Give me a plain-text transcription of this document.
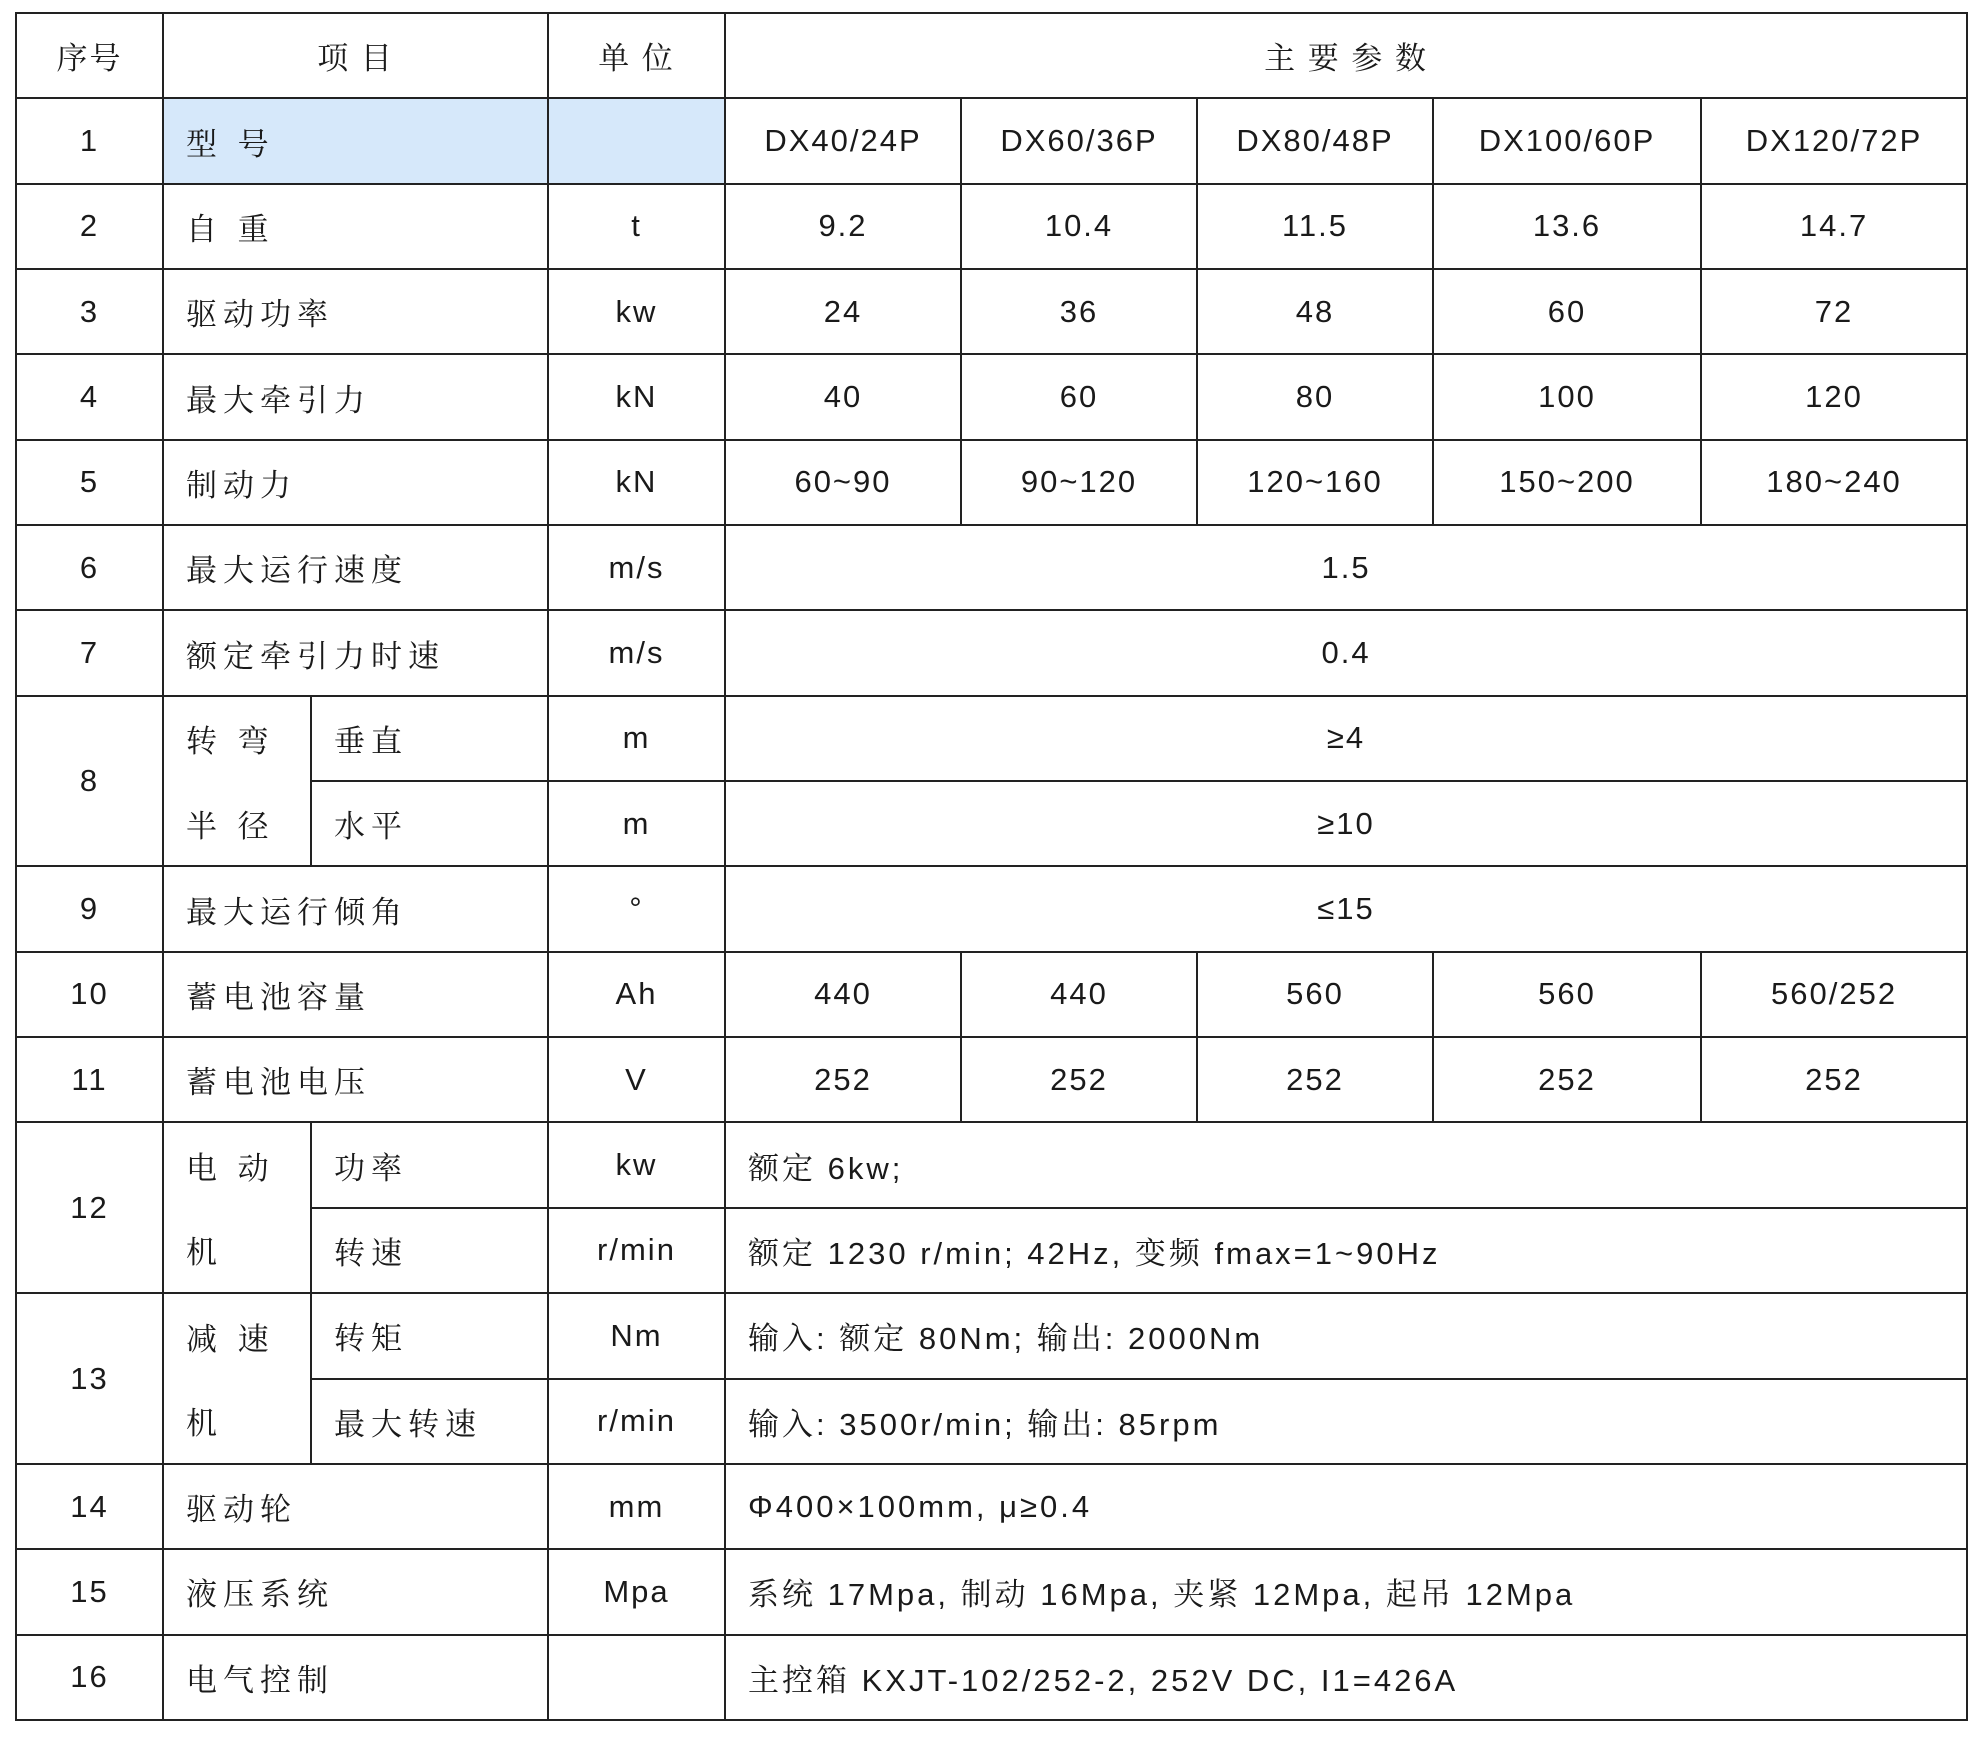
序号	项 目		单 位	主 要 参 数				
1	型 号			DX40/24P	DX60/36P	DX80/48P	DX100/60P	DX120/72P
2	自 重		t	9.2	10.4	11.5	13.6	14.7
3	驱动功率		kw	24	36	48	60	72
4	最大牵引力		kN	40	60	80	100	120
5	制动力		kN	60~90	90~120	120~160	150~200	180~240
6	最大运行速度		m/s	1.5				
7	额定牵引力时速		m/s	0.4				
8	转 弯	垂直	m	≥4				
	半 径	水平	m	≥10				
9	最大运行倾角		°	≤15				
10	蓄电池容量		Ah	440	440	560	560	560/252
11	蓄电池电压		V	252	252	252	252	252
12	电 动	功率	kw	额定 6kw;				
	机	转速	r/min	额定 1230 r/min; 42Hz, 变频 fmax=1~90Hz				
13	减 速	转矩	Nm	输入: 额定 80Nm; 输出: 2000Nm				
	机	最大转速	r/min	输入: 3500r/min; 输出: 85rpm				
14	驱动轮		mm	Φ400×100mm, μ≥0.4				
15	液压系统		Mpa	系统 17Mpa, 制动 16Mpa, 夹紧 12Mpa, 起吊 12Mpa				
16	电气控制			主控箱 KXJT-102/252-2, 252V DC, I1=426A				
